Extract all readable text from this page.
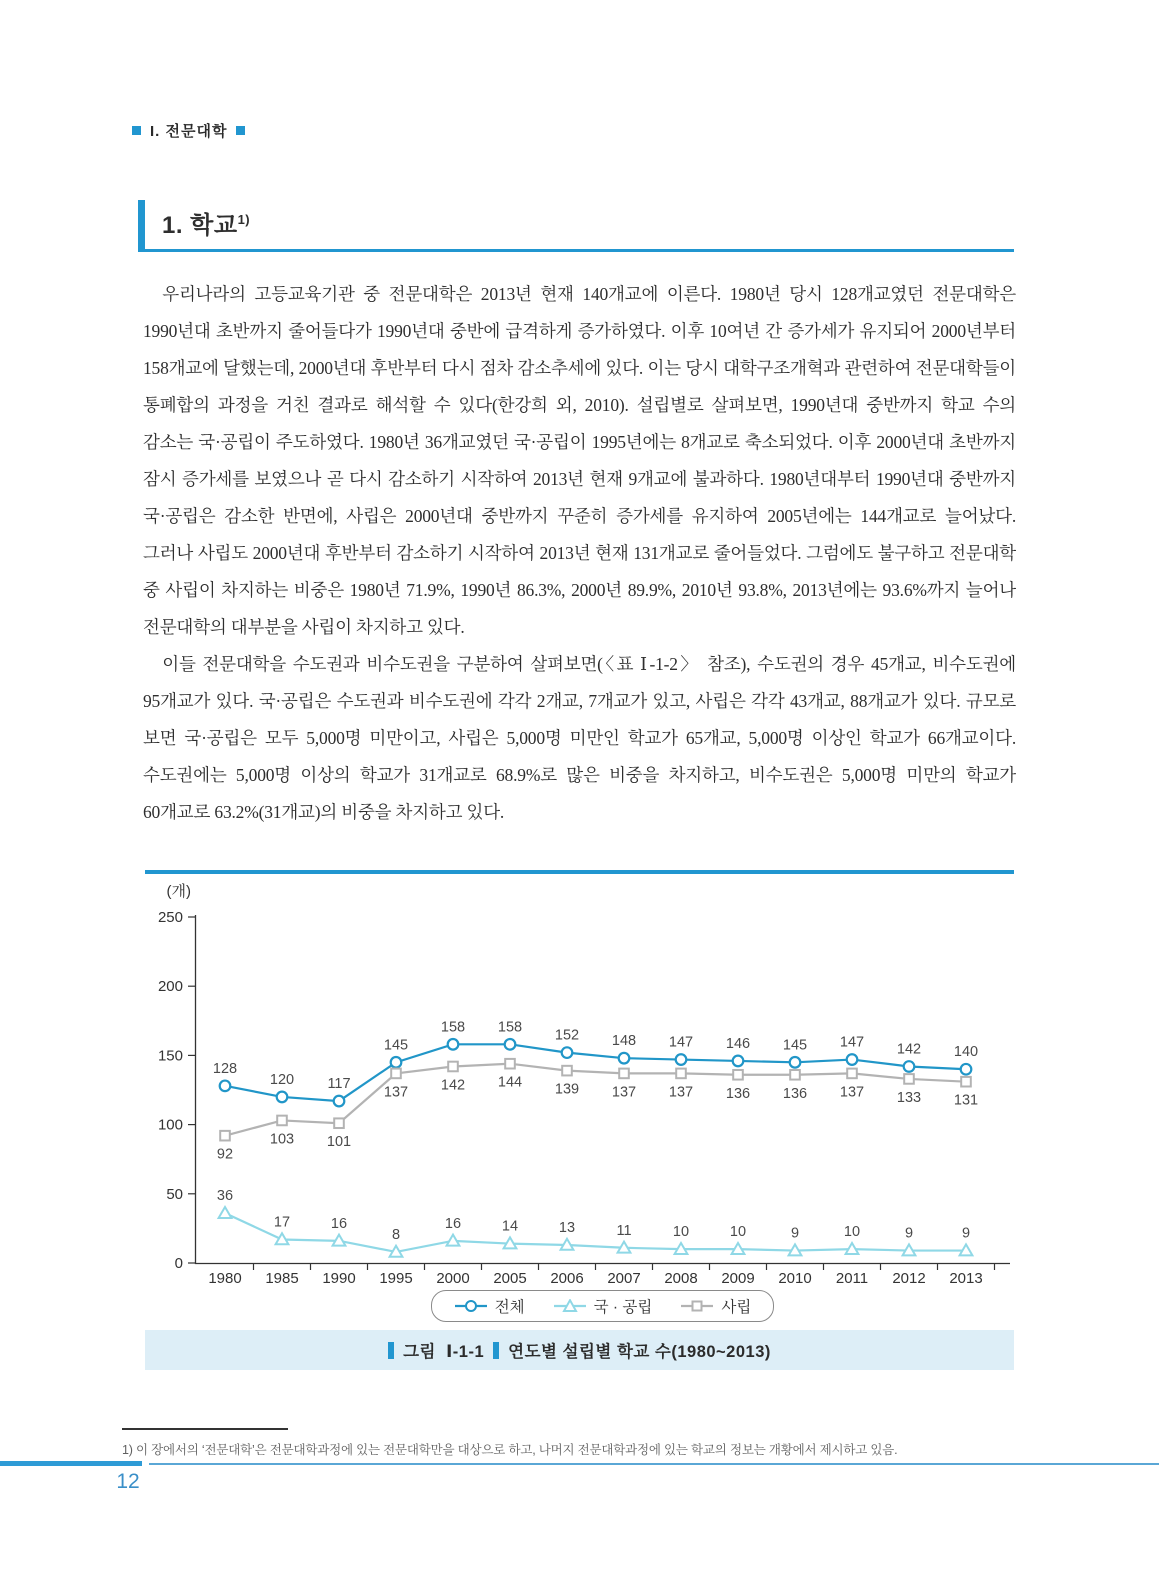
I. 전문대학
1. 학교$^{1)}$

우리나라의 고등교육기관 중 전문대학은 2013년 현재 140개교에 이른다. 1980년 당시 128개교였던 전문대학은 1990년대 초반까지 줄어들다가 1990년대 중반에 급격하게 증가하였다. 이후 10여년 간 증가세가 유지되어 2000년부터 158개교에 달했는데, 2000년대 후반부터 다시 점차 감소추세에 있다. 이는 당시 대학구조개혁과 관련하여 전문대학들이 통폐합의 과정을 거친 결과로 해석할 수 있다(한강희 외, 2010). 설립별로 살펴보면, 1990년대 중반까지 학교 수의 감소는 국·공립이 주도하였다. 1980년 36개교였던 국·공립이 1995년에는 8개교로 축소되었다. 이후 2000년대 초반까지 잠시 증가세를 보였으나 곧 다시 감소하기 시작하여 2013년 현재 9개교에 불과하다. 1980년대부터 1990년대 중반까지 국·공립은 감소한 반면에, 사립은 2000년대 중반까지 꾸준히 증가세를 유지하여 2005년에는 144개교로 늘어났다. 그러나 사립도 2000년대 후반부터 감소하기 시작하여 2013년 현재 131개교로 줄어들었다. 그럼에도 불구하고 전문대학 중 사립이 차지하는 비중은 1980년 71.9%, 1990년 86.3%, 2000년 89.9%, 2010년 93.8%, 2013년에는 93.6%까지 늘어나 전문대학의 대부분을 사립이 차지하고 있다.

이들 전문대학을 수도권과 비수도권을 구분하여 살펴보면(〈표 Ⅰ-1-2〉 참조), 수도권의 경우 45개교, 비수도권에 95개교가 있다. 국·공립은 수도권과 비수도권에 각각 2개교, 7개교가 있고, 사립은 각각 43개교, 88개교가 있다. 규모로 보면 국·공립은 모두 5,000명 미만이고, 사립은 5,000명 미만인 학교가 65개교, 5,000명 이상인 학교가 66개교이다. 수도권에는 5,000명 이상의 학교가 31개교로 68.9%로 많은 비중을 차지하고, 비수도권은 5,000명 미만의 학교가 60개교로 63.2%(31개교)의 비중을 차지하고 있다.

(개)
0
50
100
150
200
250
1980 1985 1990 1995 2000 2005 2006 2007 2008 2009 2010 2011 2012 2013
128
120 117
145
158 158
152 148 147 146 145 147 142 140
36
17	16
8
16	14	13	11	10	10	9	10	9	9
92
103 101
137 142 144 139 137 137 136 136 137 133 131
전체	국 · 공립	사립
그림 Ⅰ-1-1 연도별 설립별 학교 수(1980~2013)

1) 이 장에서의 ‘전문대학’은 전문대학과정에 있는 전문대학만을 대상으로 하고, 나머지 전문대학과정에 있는 학교의 정보는 개황에서 제시하고 있음.

12
